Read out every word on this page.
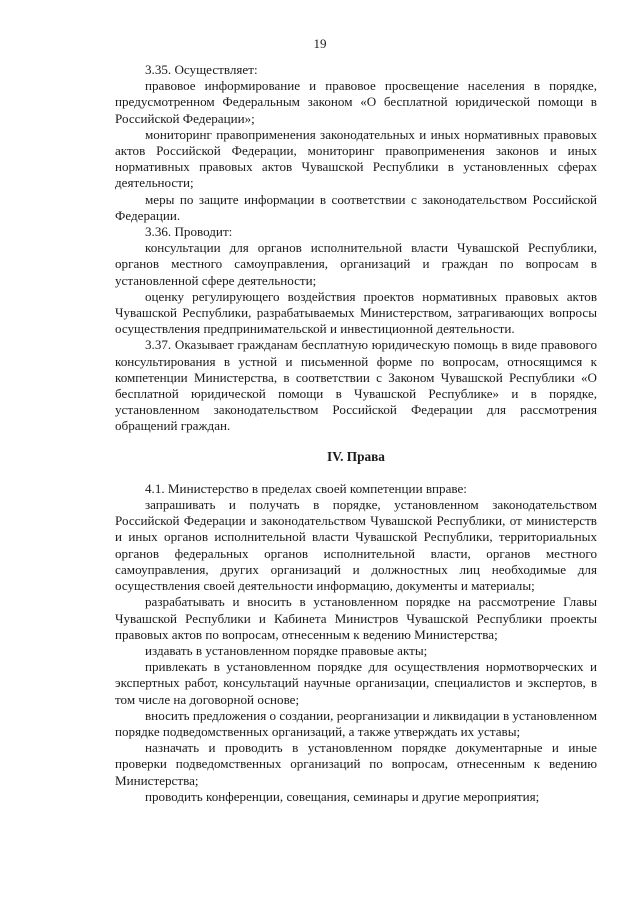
19

3.35. Осуществляет:

правовое информирование и правовое просвещение населения в порядке, предусмотренном Федеральным законом «О бесплатной юридической помощи в Российской Федерации»;

мониторинг правоприменения законодательных и иных нормативных правовых актов Российской Федерации, мониторинг правоприменения законов и иных нормативных правовых актов Чувашской Республики в установленных сферах деятельности;

меры по защите информации в соответствии с законодательством Российской Федерации.

3.36. Проводит:

консультации для органов исполнительной власти Чувашской Республики, органов местного самоуправления, организаций и граждан по вопросам в установленной сфере деятельности;

оценку регулирующего воздействия проектов нормативных правовых актов Чувашской Республики, разрабатываемых Министерством, затрагивающих вопросы осуществления предпринимательской и инвестиционной деятельности.

3.37. Оказывает гражданам бесплатную юридическую помощь в виде правового консультирования в устной и письменной форме по вопросам, относящимся к компетенции Министерства, в соответствии с Законом Чувашской Республики «О бесплатной юридической помощи в Чувашской Республике» и в порядке, установленном законодательством Российской Федерации для рассмотрения обращений граждан.

IV. Права

4.1. Министерство в пределах своей компетенции вправе:

запрашивать и получать в порядке, установленном законодательством Российской Федерации и законодательством Чувашской Республики, от министерств и иных органов исполнительной власти Чувашской Республики, территориальных органов федеральных органов исполнительной власти, органов местного самоуправления, других организаций и должностных лиц необходимые для осуществления своей деятельности информацию, документы и материалы;

разрабатывать и вносить в установленном порядке на рассмотрение Главы Чувашской Республики и Кабинета Министров Чувашской Республики проекты правовых актов по вопросам, отнесенным к ведению Министерства;

издавать в установленном порядке правовые акты;

привлекать в установленном порядке для осуществления нормотворческих и экспертных работ, консультаций научные организации, специалистов и экспертов, в том числе на договорной основе;

вносить предложения о создании, реорганизации и ликвидации в установленном порядке подведомственных организаций, а также утверждать их уставы;

назначать и проводить в установленном порядке документарные и иные проверки подведомственных организаций по вопросам, отнесенным к ведению Министерства;

проводить конференции, совещания, семинары и другие мероприятия;
